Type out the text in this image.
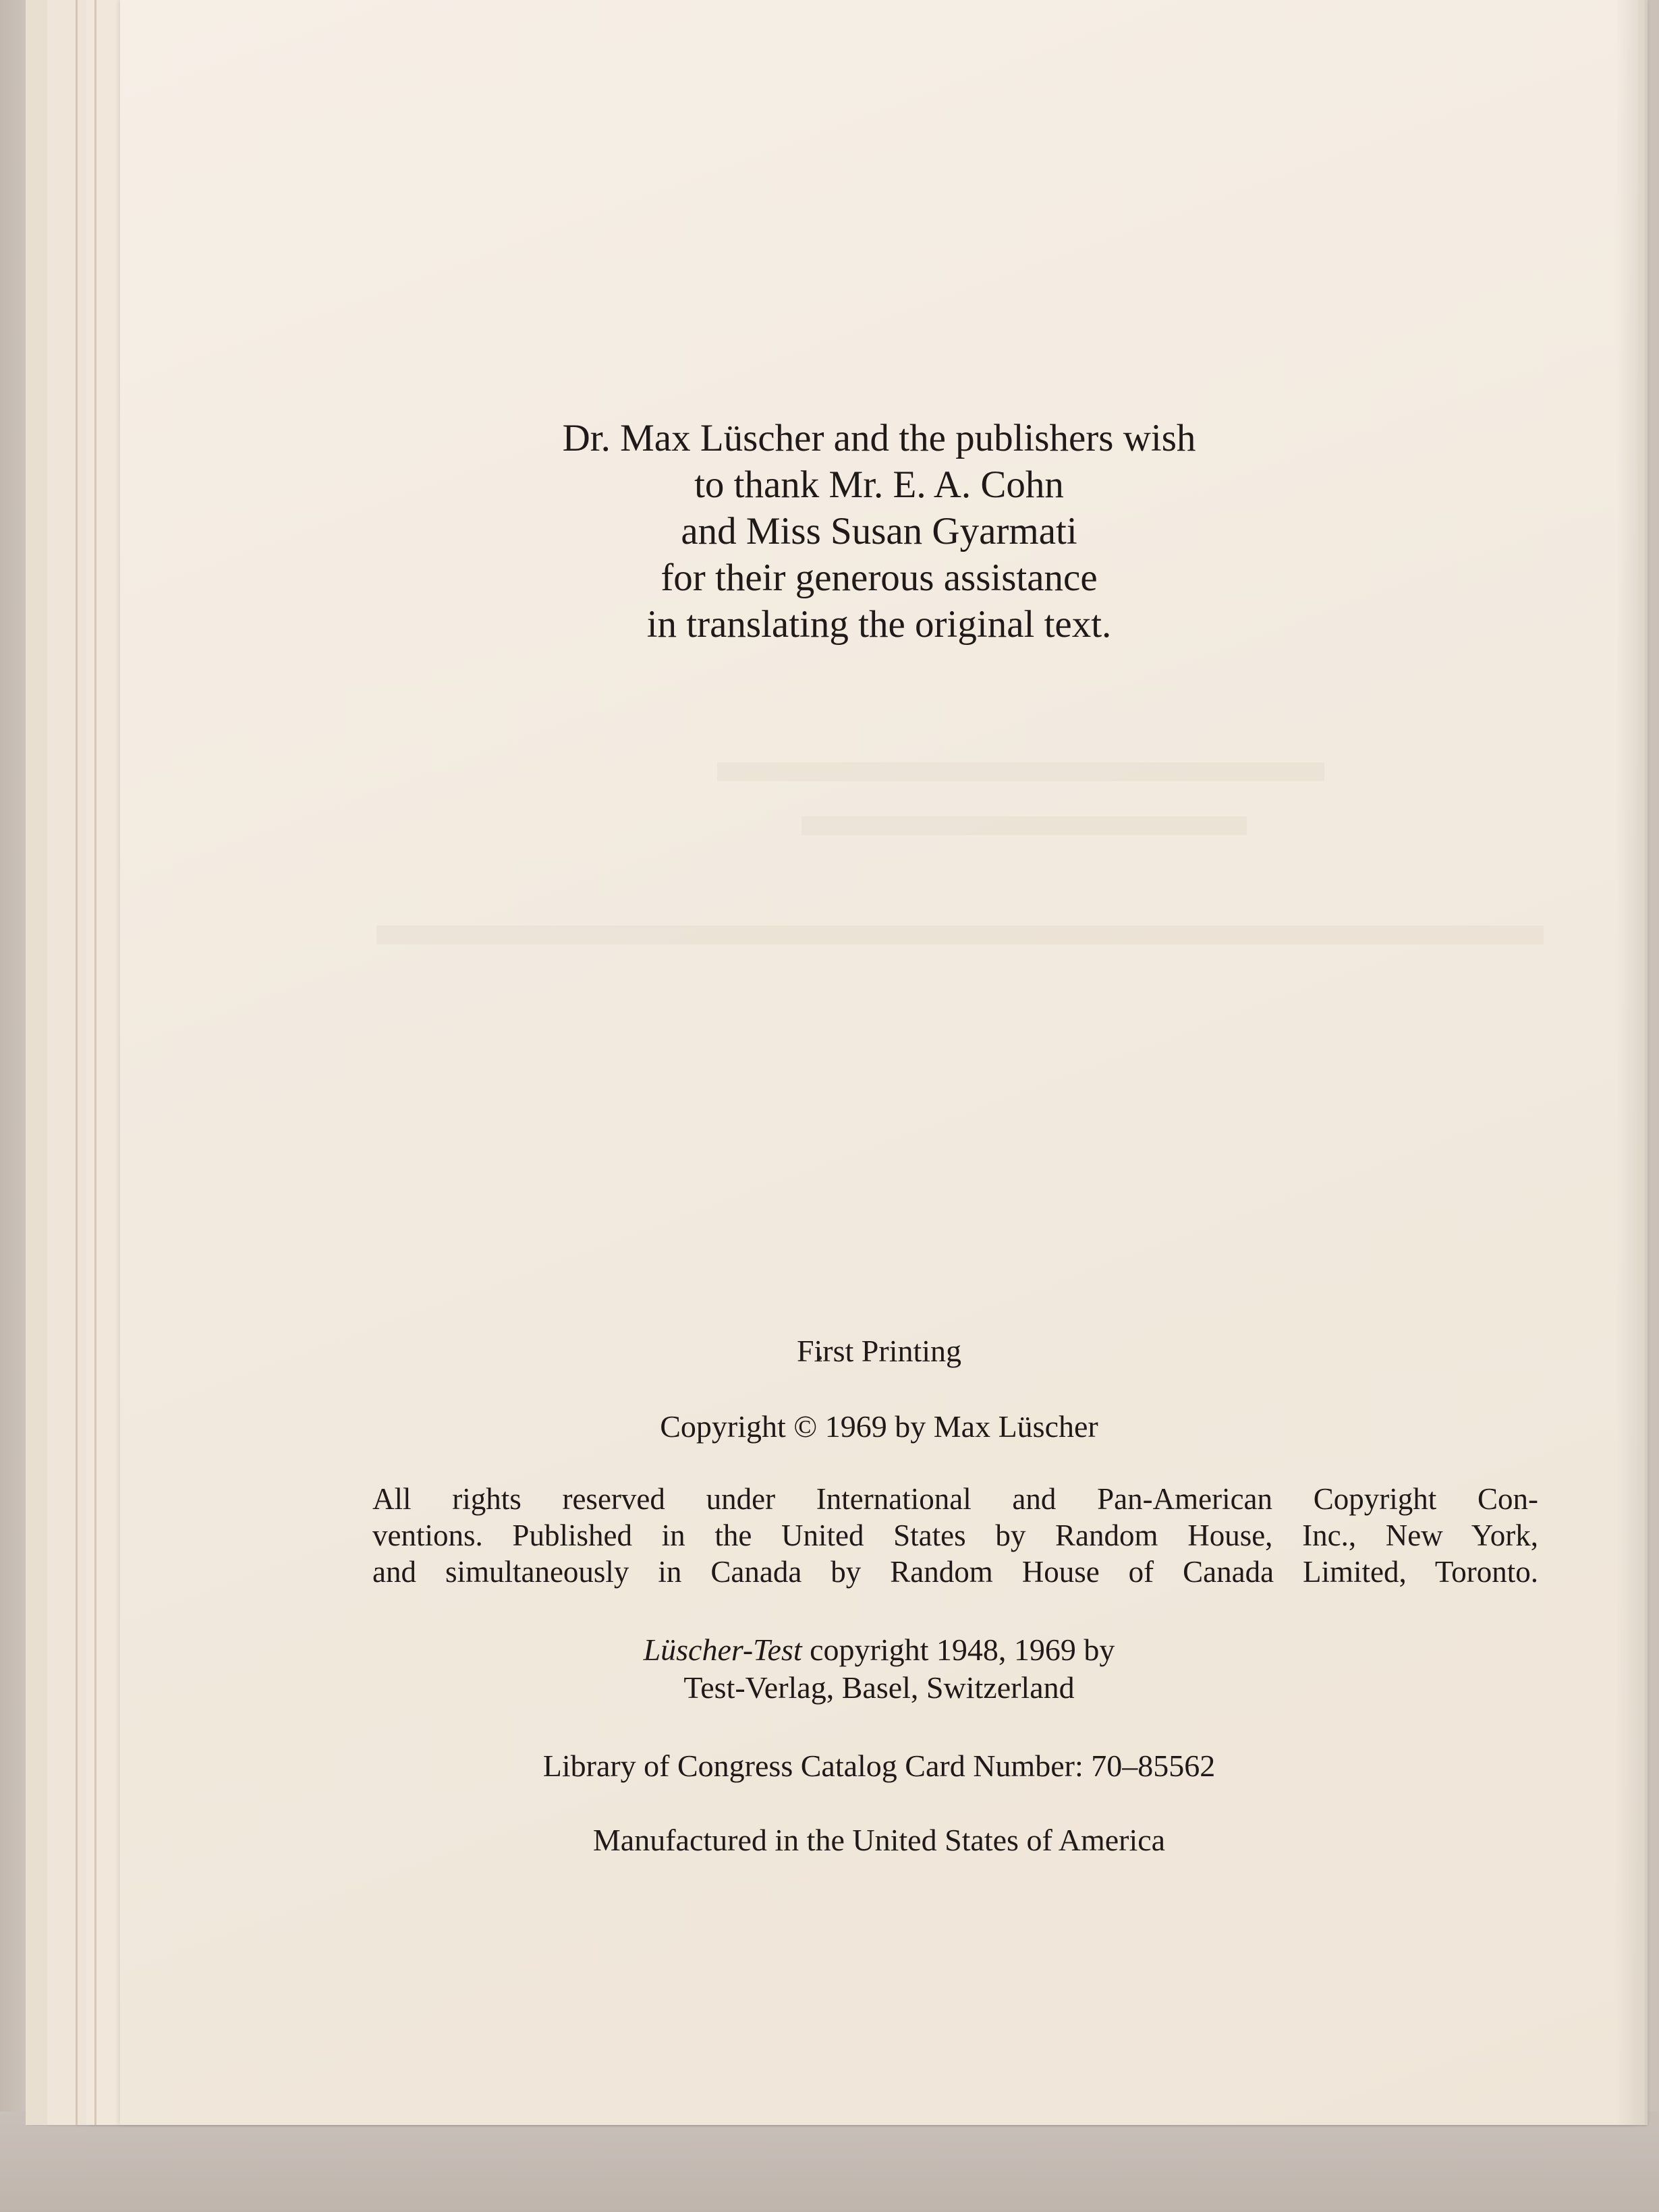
Dr. Max Lüscher and the publishers wish
to thank Mr. E. A. Cohn
and Miss Susan Gyarmati
for their generous assistance
in translating the original text.
First Printing
Copyright © 1969 by Max Lüscher
All rights reserved under International and Pan-American Copyright Con-
ventions. Published in the United States by Random House, Inc., New York,
and simultaneously in Canada by Random House of Canada Limited, Toronto.
Lüscher-Test copyright 1948, 1969 by
Test-Verlag, Basel, Switzerland
Library of Congress Catalog Card Number: 70–85562
Manufactured in the United States of America
